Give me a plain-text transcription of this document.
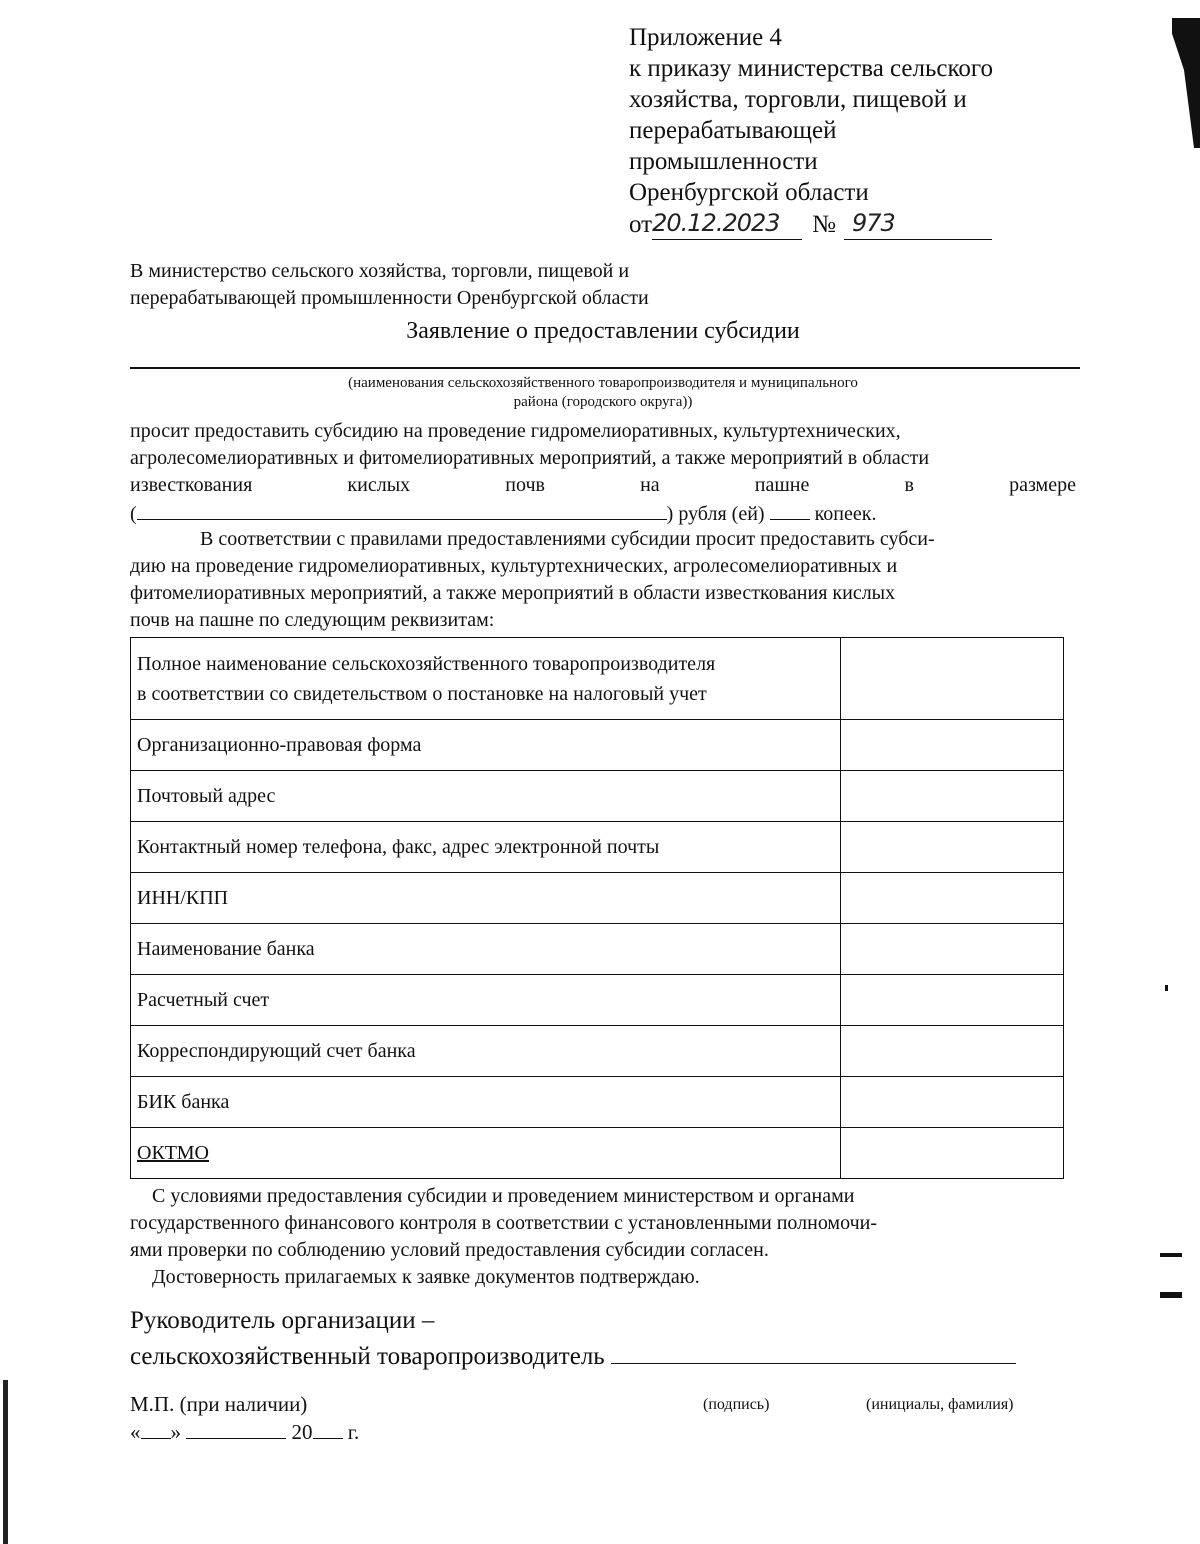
Приложение 4
к приказу министерства сельского
хозяйства, торговли, пищевой и
перерабатывающей
промышленности
Оренбургской области
от 20.12.2023	№ 973
В министерство сельского хозяйства, торговли, пищевой и
перерабатывающей промышленности Оренбургской области
Заявление о предоставлении субсидии
(наименования сельскохозяйственного товаропроизводителя и муниципального
района (городского округа))
просит предоставить субсидию на проведение гидромелиоративных, культуртехнических,
агролесомелиоративных и фитомелиоративных мероприятий, а также мероприятий в области
известкования	кислых	почв	на	пашне	в	размере
(	) рубля (ей)	копеек.
В соответствии с правилами предоставлениями субсидии просит предоставить субси-
дию на проведение гидромелиоративных, культуртехнических, агролесомелиоративных и
фитомелиоративных мероприятий, а также мероприятий в области известкования кислых
почв на пашне по следующим реквизитам:
Полное наименование сельскохозяйственного товаропроизводителя
в соответствии со свидетельством о постановке на налоговый учет	

Организационно-правовая форма	
Почтовый адрес	
Контактный номер телефона, факс, адрес электронной почты	
ИНН/КПП	
Наименование банка	
Расчетный счет	
Корреспондирующий счет банка	
БИК банка	
ОКТМО	
С условиями предоставления субсидии и проведением министерством и органами
государственного финансового контроля в соответствии с установленными полномочи-
ями проверки по соблюдению условий предоставления субсидии согласен.
Достоверность прилагаемых к заявке документов подтверждаю.
Руководитель организации –
сельскохозяйственный товаропроизводитель
(подпись)	(инициалы, фамилия)
М.П. (при наличии)
« »	20 г.
